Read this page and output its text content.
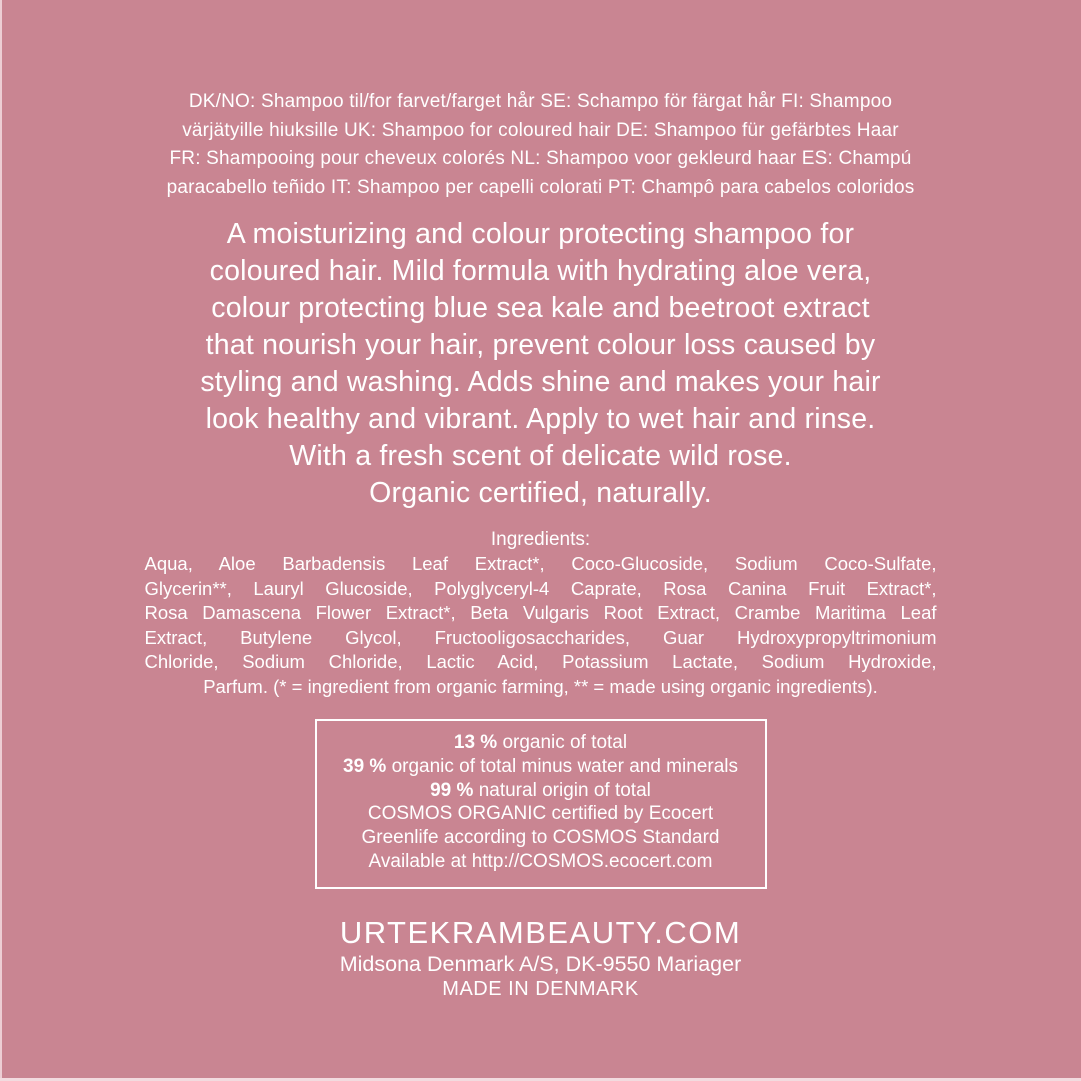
DK/NO: Shampoo til/for farvet/farget hår SE: Schampo för färgat hår FI: Shampoo
värjätyille hiuksille UK: Shampoo for coloured hair DE: Shampoo für gefärbtes Haar
FR: Shampooing pour cheveux colorés NL: Shampoo voor gekleurd haar ES: Champú
paracabello teñido IT: Shampoo per capelli colorati PT: Champô para cabelos coloridos
A moisturizing and colour protecting shampoo for
coloured hair. Mild formula with hydrating aloe vera,
colour protecting blue sea kale and beetroot extract
that nourish your hair, prevent colour loss caused by
styling and washing. Adds shine and makes your hair
look healthy and vibrant. Apply to wet hair and rinse.
With a fresh scent of delicate wild rose.
Organic certified, naturally.
Ingredients:
Aqua, Aloe Barbadensis Leaf Extract*, Coco-Glucoside, Sodium Coco-Sulfate,
Glycerin**, Lauryl Glucoside, Polyglyceryl-4 Caprate, Rosa Canina Fruit Extract*,
Rosa Damascena Flower Extract*, Beta Vulgaris Root Extract, Crambe Maritima Leaf
Extract, Butylene Glycol, Fructooligosaccharides, Guar Hydroxypropyltrimonium
Chloride, Sodium Chloride, Lactic Acid, Potassium Lactate, Sodium Hydroxide,
Parfum. (* = ingredient from organic farming, ** = made using organic ingredients).
13 % organic of total
39 % organic of total minus water and minerals
99 % natural origin of total
COSMOS ORGANIC certified by Ecocert
Greenlife according to COSMOS Standard
Available at http://COSMOS.ecocert.com
URTEKRAMBEAUTY.COM
Midsona Denmark A/S, DK-9550 Mariager
MADE IN DENMARK
